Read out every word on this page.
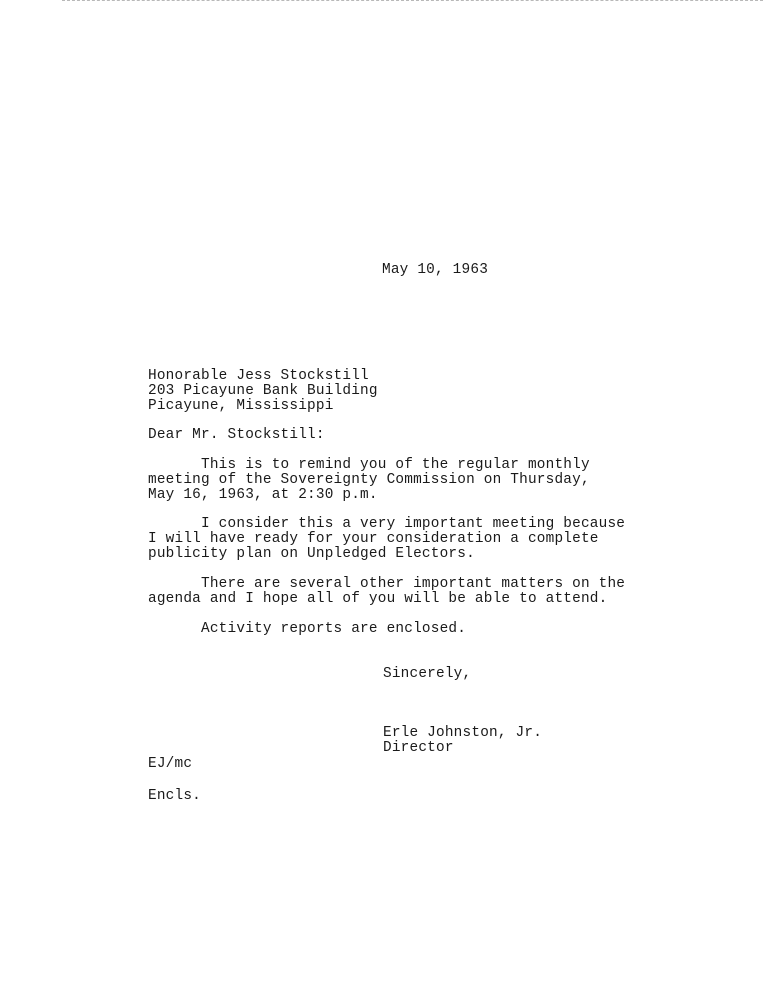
May 10, 1963
Honorable Jess Stockstill
203 Picayune Bank Building
Picayune, Mississippi
Dear Mr. Stockstill:
This is to remind you of the regular monthly
meeting of the Sovereignty Commission on Thursday,
May 16, 1963, at 2:30 p.m.
I consider this a very important meeting because
I will have ready for your consideration a complete
publicity plan on Unpledged Electors.
There are several other important matters on the
agenda and I hope all of you will be able to attend.
Activity reports are enclosed.
Sincerely,
Erle Johnston, Jr.
Director
EJ/mc
Encls.
